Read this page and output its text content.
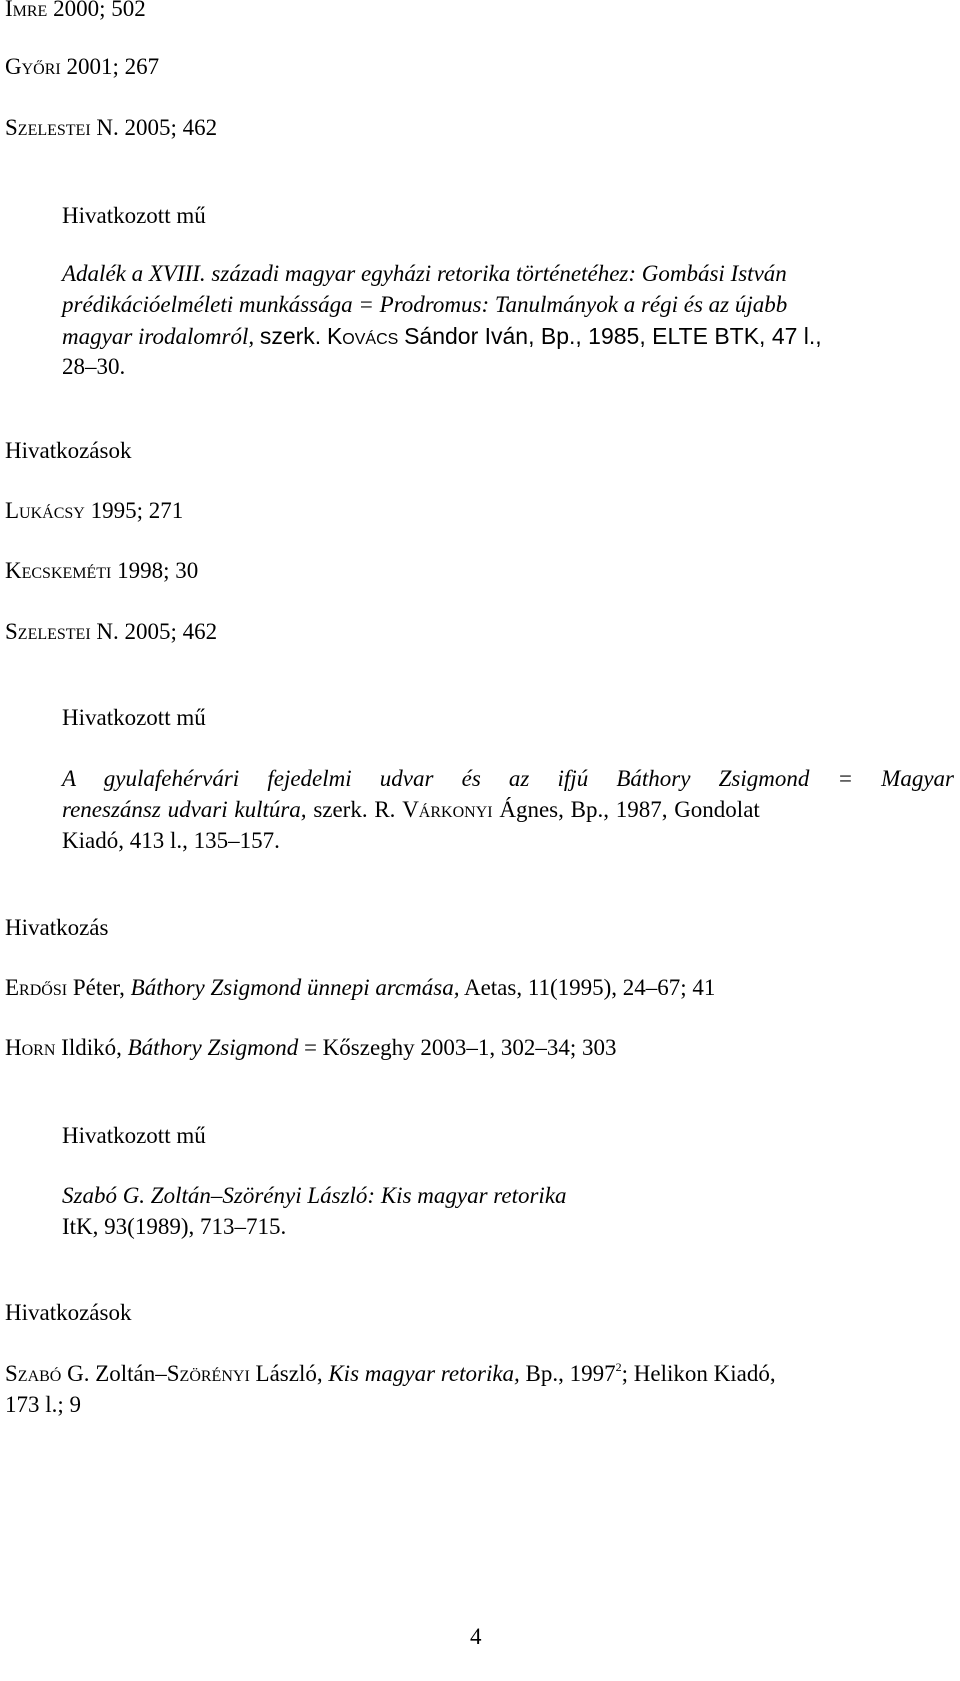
Imre 2000; 502
Győri 2001; 267
Szelestei N. 2005; 462
Hivatkozott mű
Adalék a XVIII. századi magyar egyházi retorika történetéhez: Gombási István
prédikációelméleti munkássága = Prodromus: Tanulmányok a régi és az újabb
magyar irodalomról, szerk. Kovács Sándor Iván, Bp., 1985, ELTE BTK, 47 l.,
28–30.
Hivatkozások
Lukácsy 1995; 271
Kecskeméti 1998; 30
Szelestei N. 2005; 462
Hivatkozott mű
A gyulafehérvári fejedelmi udvar és az ifjú Báthory Zsigmond = Magyar
reneszánsz udvari kultúra, szerk. R. Várkonyi Ágnes, Bp., 1987, Gondolat
Kiadó, 413 l., 135–157.
Hivatkozás
Erdősi Péter, Báthory Zsigmond ünnepi arcmása, Aetas, 11(1995), 24–67; 41
Horn Ildikó, Báthory Zsigmond = Kőszeghy 2003–1, 302–34; 303
Hivatkozott mű
Szabó G. Zoltán–Szörényi László: Kis magyar retorika
ItK, 93(1989), 713–715.
Hivatkozások
Szabó G. Zoltán–Szörényi László, Kis magyar retorika, Bp., 1997$^2$; Helikon Kiadó,
173 l.; 9
4
